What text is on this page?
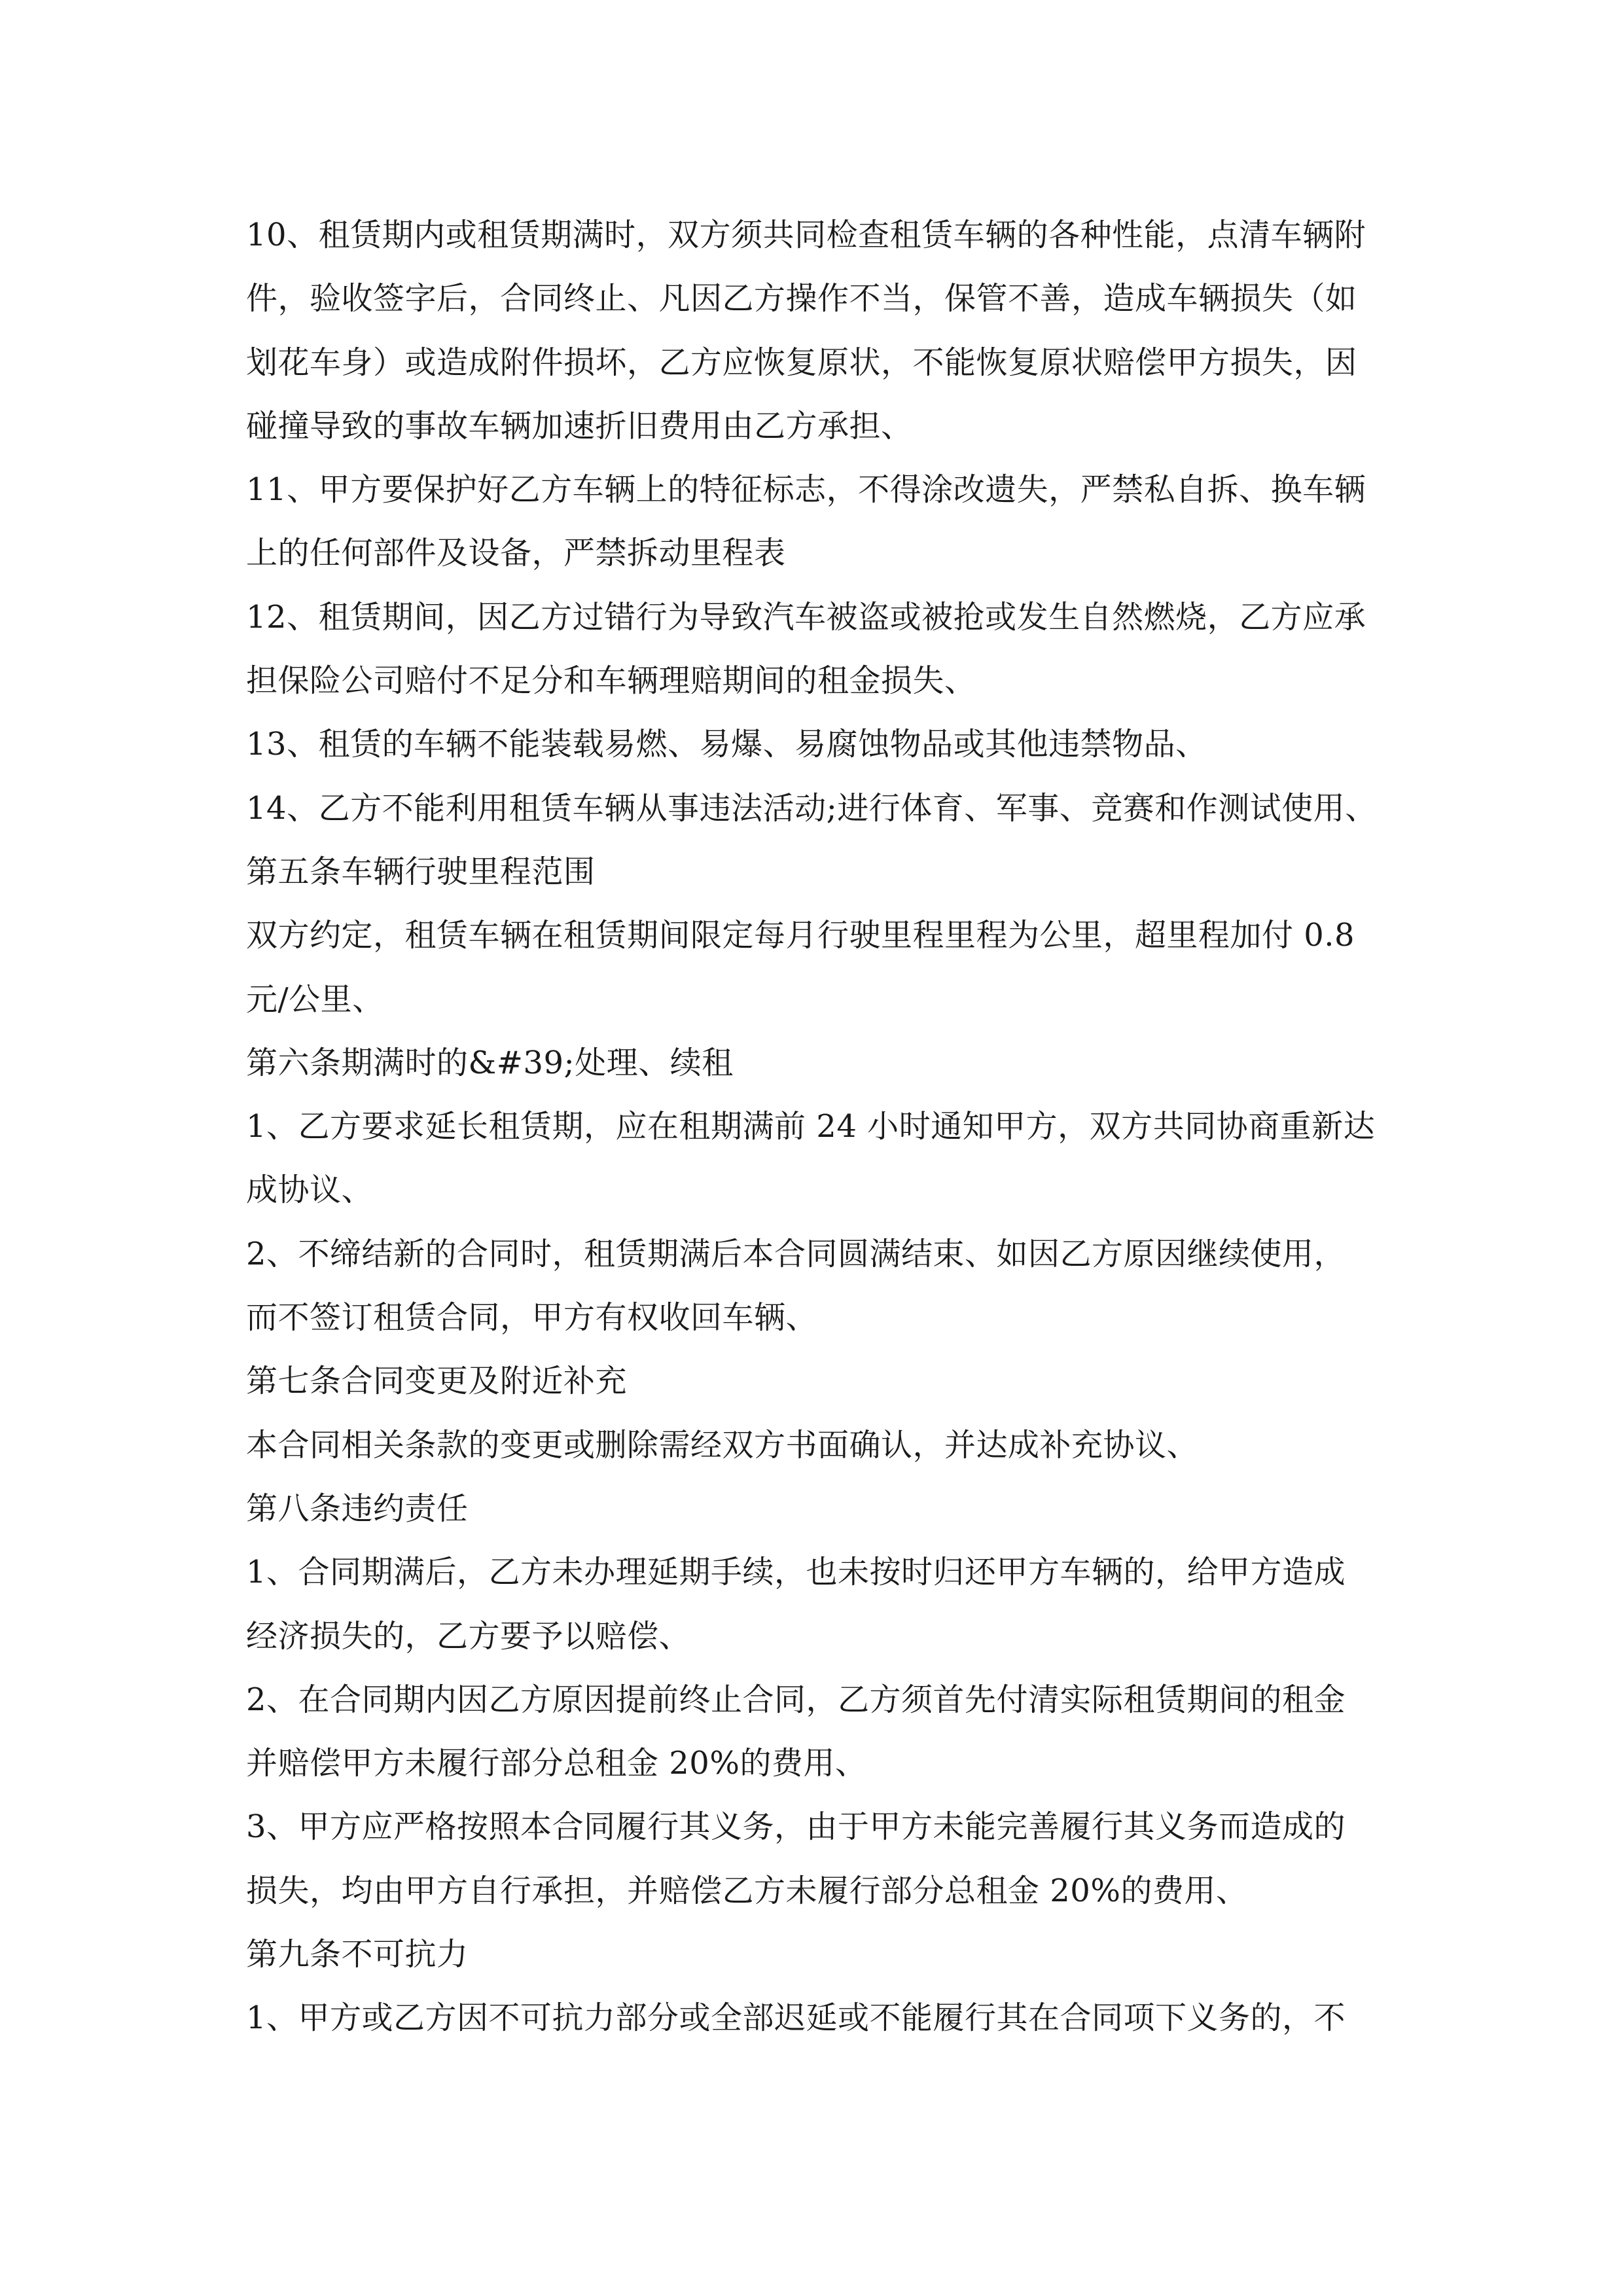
10、租赁期内或租赁期满时，双方须共同检查租赁车辆的各种性能，点清车辆附
件，验收签字后，合同终止、凡因乙方操作不当，保管不善，造成车辆损失（如
划花车身）或造成附件损坏，乙方应恢复原状，不能恢复原状赔偿甲方损失，因
碰撞导致的事故车辆加速折旧费用由乙方承担、
11、甲方要保护好乙方车辆上的特征标志，不得涂改遗失，严禁私自拆、换车辆
上的任何部件及设备，严禁拆动里程表
12、租赁期间，因乙方过错行为导致汽车被盗或被抢或发生自然燃烧，乙方应承
担保险公司赔付不足分和车辆理赔期间的租金损失、
13、租赁的车辆不能装载易燃、易爆、易腐蚀物品或其他违禁物品、
14、乙方不能利用租赁车辆从事违法活动;进行体育、军事、竞赛和作测试使用、
第五条车辆行驶里程范围
双方约定，租赁车辆在租赁期间限定每月行驶里程里程为公里，超里程加付 0.8
元/公里、
第六条期满时的&#39;处理、续租
1、乙方要求延长租赁期，应在租期满前 24 小时通知甲方，双方共同协商重新达
成协议、
2、不缔结新的合同时，租赁期满后本合同圆满结束、如因乙方原因继续使用，
而不签订租赁合同，甲方有权收回车辆、
第七条合同变更及附近补充
本合同相关条款的变更或删除需经双方书面确认，并达成补充协议、
第八条违约责任
1、合同期满后，乙方未办理延期手续，也未按时归还甲方车辆的，给甲方造成
经济损失的，乙方要予以赔偿、
2、在合同期内因乙方原因提前终止合同，乙方须首先付清实际租赁期间的租金
并赔偿甲方未履行部分总租金 20%的费用、
3、甲方应严格按照本合同履行其义务，由于甲方未能完善履行其义务而造成的
损失，均由甲方自行承担，并赔偿乙方未履行部分总租金 20%的费用、
第九条不可抗力
1、甲方或乙方因不可抗力部分或全部迟延或不能履行其在合同项下义务的，不
